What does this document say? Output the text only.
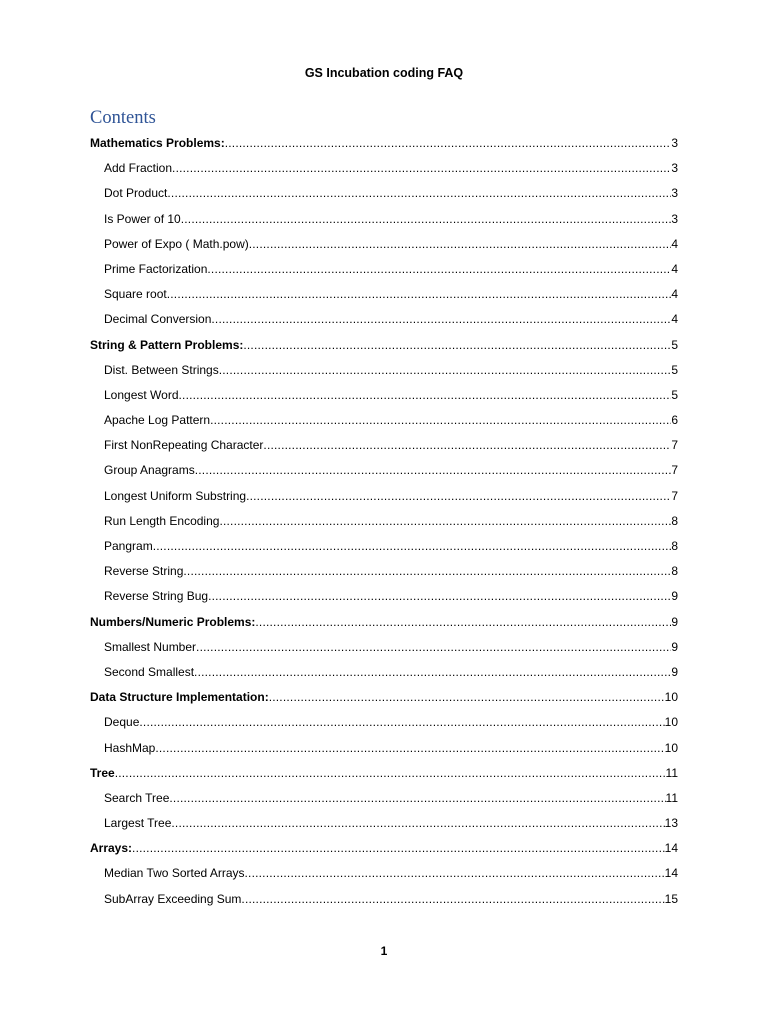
GS Incubation coding FAQ
Contents
Mathematics Problems: .....	3
Add Fraction .....	3
Dot Product .....	3
Is Power of 10 .....	3
Power of Expo ( Math.pow) .....	4
Prime Factorization .....	4
Square root .....	4
Decimal Conversion .....	4
String & Pattern Problems: .....	5
Dist. Between Strings .....	5
Longest Word .....	5
Apache Log Pattern .....	6
First NonRepeating Character .....	7
Group Anagrams .....	7
Longest Uniform Substring .....	7
Run Length Encoding .....	8
Pangram .....	8
Reverse String .....	8
Reverse String Bug .....	9
Numbers/Numeric Problems: .....	9
Smallest Number .....	9
Second Smallest .....	9
Data Structure Implementation: .....	10
Deque .....	10
HashMap .....	10
Tree .....	11
Search Tree .....	11
Largest Tree .....	13
Arrays: .....	14
Median Two Sorted Arrays .....	14
SubArray Exceeding Sum .....	15
1
